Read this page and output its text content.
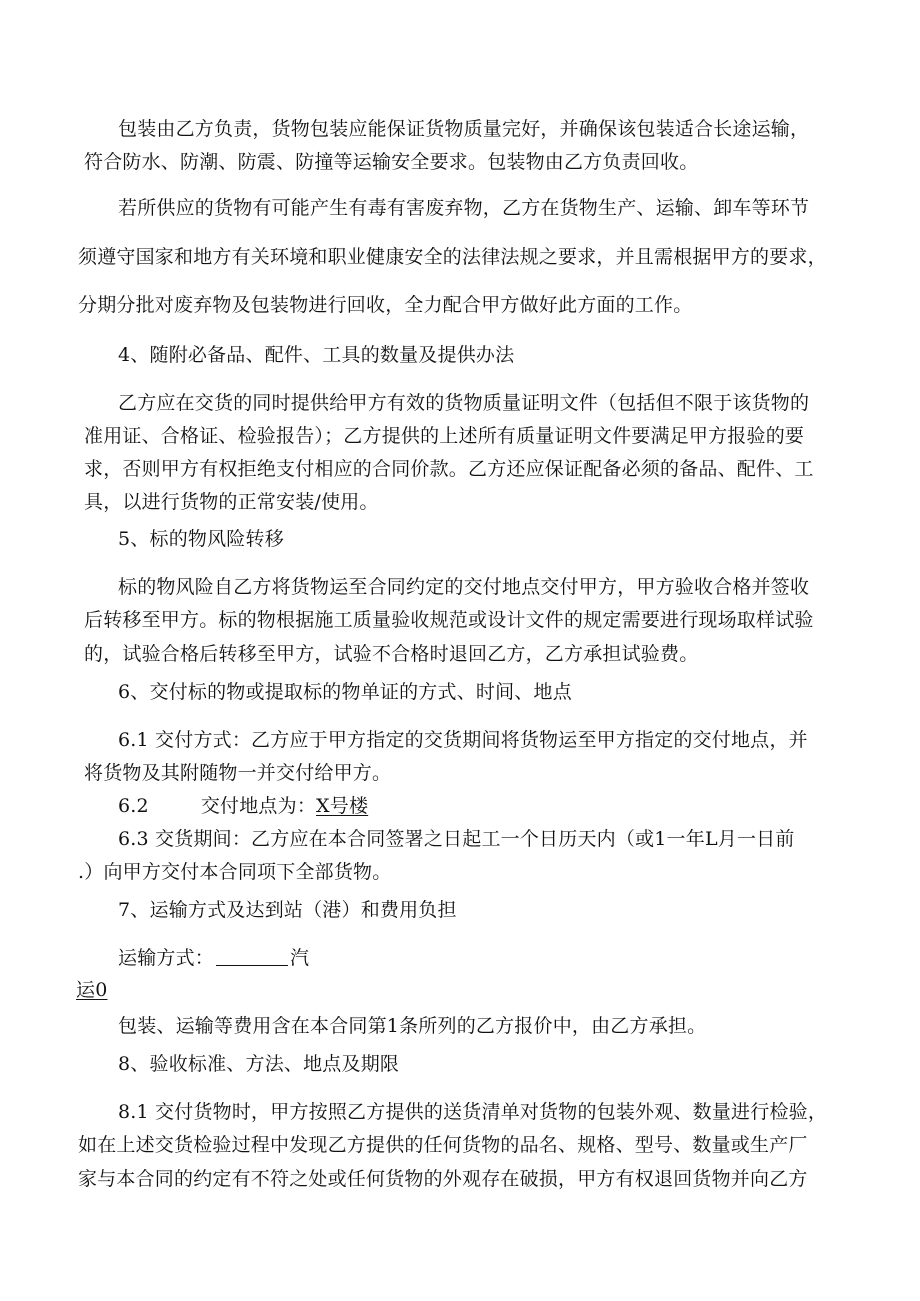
包装由乙方负责，货物包装应能保证货物质量完好，并确保该包装适合长途运输，
符合防水、防潮、防震、防撞等运输安全要求。包装物由乙方负责回收。
若所供应的货物有可能产生有毒有害废弃物，乙方在货物生产、运输、卸车等环节
须遵守国家和地方有关环境和职业健康安全的法律法规之要求，并且需根据甲方的要求，
分期分批对废弃物及包装物进行回收，全力配合甲方做好此方面的工作。
4、随附必备品、配件、工具的数量及提供办法
乙方应在交货的同时提供给甲方有效的货物质量证明文件（包括但不限于该货物的
准用证、合格证、检验报告）；乙方提供的上述所有质量证明文件要满足甲方报验的要
求，否则甲方有权拒绝支付相应的合同价款。乙方还应保证配备必须的备品、配件、工
具，以进行货物的正常安装/使用。
5、标的物风险转移
标的物风险自乙方将货物运至合同约定的交付地点交付甲方，甲方验收合格并签收
后转移至甲方。标的物根据施工质量验收规范或设计文件的规定需要进行现场取样试验
的，试验合格后转移至甲方，试验不合格时退回乙方，乙方承担试验费。
6、交付标的物或提取标的物单证的方式、时间、地点
6.1 交付方式：乙方应于甲方指定的交货期间将货物运至甲方指定的交付地点，并
将货物及其附随物一并交付给甲方。
6.2	交付地点为：X号楼
6.3 交货期间：乙方应在本合同签署之日起工一个日历天内（或1一年L月一日前
.）向甲方交付本合同项下全部货物。
7、运输方式及达到站（港）和费用负担
运输方式：	汽
运0
包装、运输等费用含在本合同第1条所列的乙方报价中，由乙方承担。
8、验收标准、方法、地点及期限
8.1 交付货物时，甲方按照乙方提供的送货清单对货物的包装外观、数量进行检验，
如在上述交货检验过程中发现乙方提供的任何货物的品名、规格、型号、数量或生产厂
家与本合同的约定有不符之处或任何货物的外观存在破损，甲方有权退回货物并向乙方
